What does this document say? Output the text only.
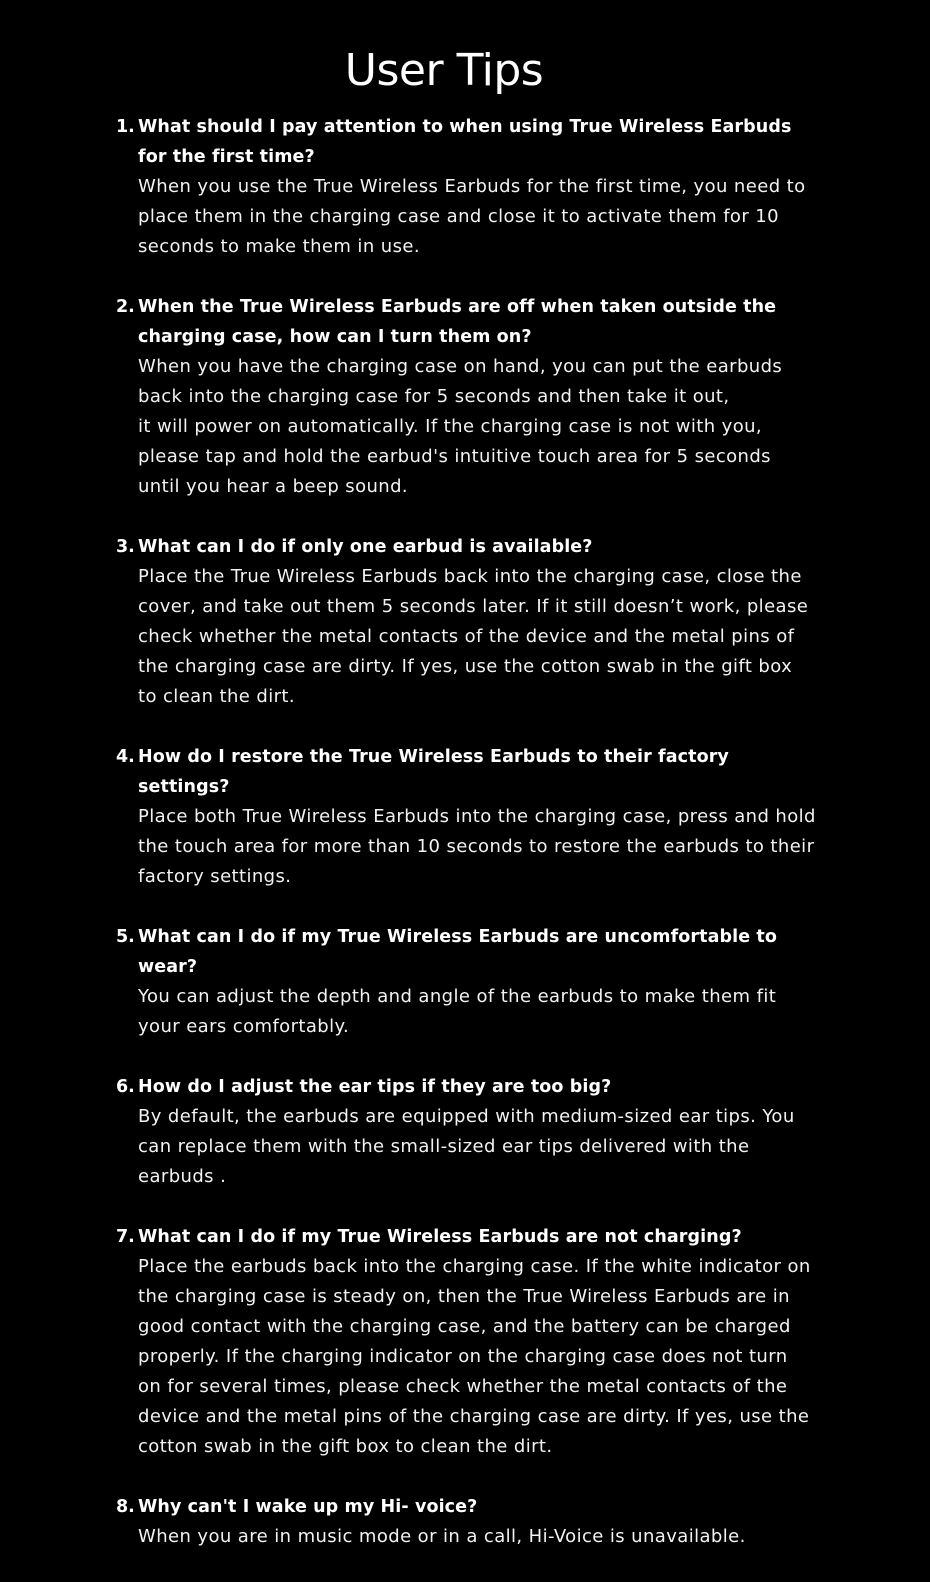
User Tips
1. What should I pay attention to when using True Wireless Earbuds for the first time?
When you use the True Wireless Earbuds for the first time, you need to place them in the charging case and close it to activate them for 10 seconds to make them in use.
2. When the True Wireless Earbuds are off when taken outside the charging case, how can I turn them on?
When you have the charging case on hand, you can put the earbuds back into the charging case for 5 seconds and then take it out,
it will power on automatically. If the charging case is not with you, please tap and hold the earbud's intuitive touch area for 5 seconds until you hear a beep sound.
3. What can I do if only one earbud is available?
Place the True Wireless Earbuds back into the charging case, close the cover, and take out them 5 seconds later. If it still doesn’t work, please check whether the metal contacts of the device and the metal pins of the charging case are dirty. If yes, use the cotton swab in the gift box to clean the dirt.
4. How do I restore the True Wireless Earbuds to their factory settings?
Place both True Wireless Earbuds into the charging case, press and hold the touch area for more than 10 seconds to restore the earbuds to their factory settings.
5. What can I do if my True Wireless Earbuds are uncomfortable to wear?
You can adjust the depth and angle of the earbuds to make them fit your ears comfortably.
6. How do I adjust the ear tips if they are too big?
By default, the earbuds are equipped with medium-sized ear tips. You can replace them with the small-sized ear tips delivered with the earbuds .
7. What can I do if my True Wireless Earbuds are not charging?
Place the earbuds back into the charging case. If the white indicator on the charging case is steady on, then the True Wireless Earbuds are in good contact with the charging case, and the battery can be charged properly. If the charging indicator on the charging case does not turn on for several times, please check whether the metal contacts of the device and the metal pins of the charging case are dirty. If yes, use the cotton swab in the gift box to clean the dirt.
8. Why can't I wake up my Hi- voice?
When you are in music mode or in a call, Hi-Voice is unavailable.
